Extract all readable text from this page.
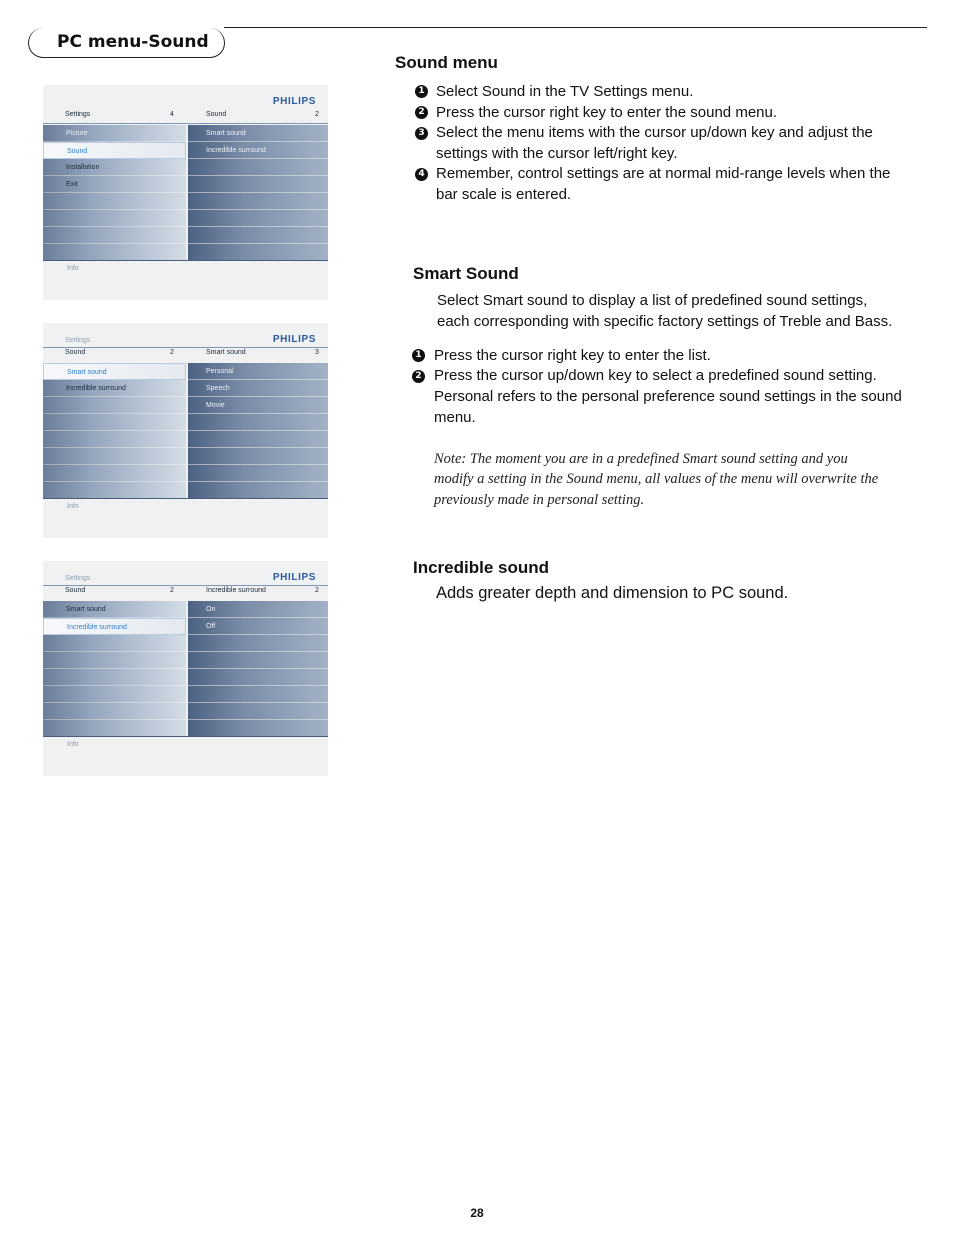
PC menu-Sound
PHILIPS
Settings	4	Sound	2
Picture
Sound
Installation
Exit
Smart sound
Incredible surround
Info
PHILIPS
Settings
Sound	2	Smart sound	3
Smart sound
Incredible surround
Personal
Speech
Movie
Info
PHILIPS
Settings
Sound	2	Incredible surround	2
Smart sound
Incredible surround
On
Off
Info
Sound menu
1 Select Sound in the TV Settings menu.
2 Press the cursor right key to enter the sound menu.
3 Select the menu items with the cursor up/down key and adjust the
settings with the cursor left/right key.
4 Remember, control settings are at normal mid-range levels when the
bar scale is entered.
Smart Sound
Select Smart sound to display a list of predefined sound settings,
each corresponding with specific factory settings of Treble and Bass.
1 Press the cursor right key to enter the list.
2 Press the cursor up/down key to select a predefined sound setting.
Personal refers to the personal preference sound settings in the sound
menu.
Note: The moment you are in a predefined Smart sound setting and you
modify a setting in the Sound menu, all values of the menu will overwrite the
previously made in personal setting.
Incredible sound
Adds greater depth and dimension to PC sound.
28
